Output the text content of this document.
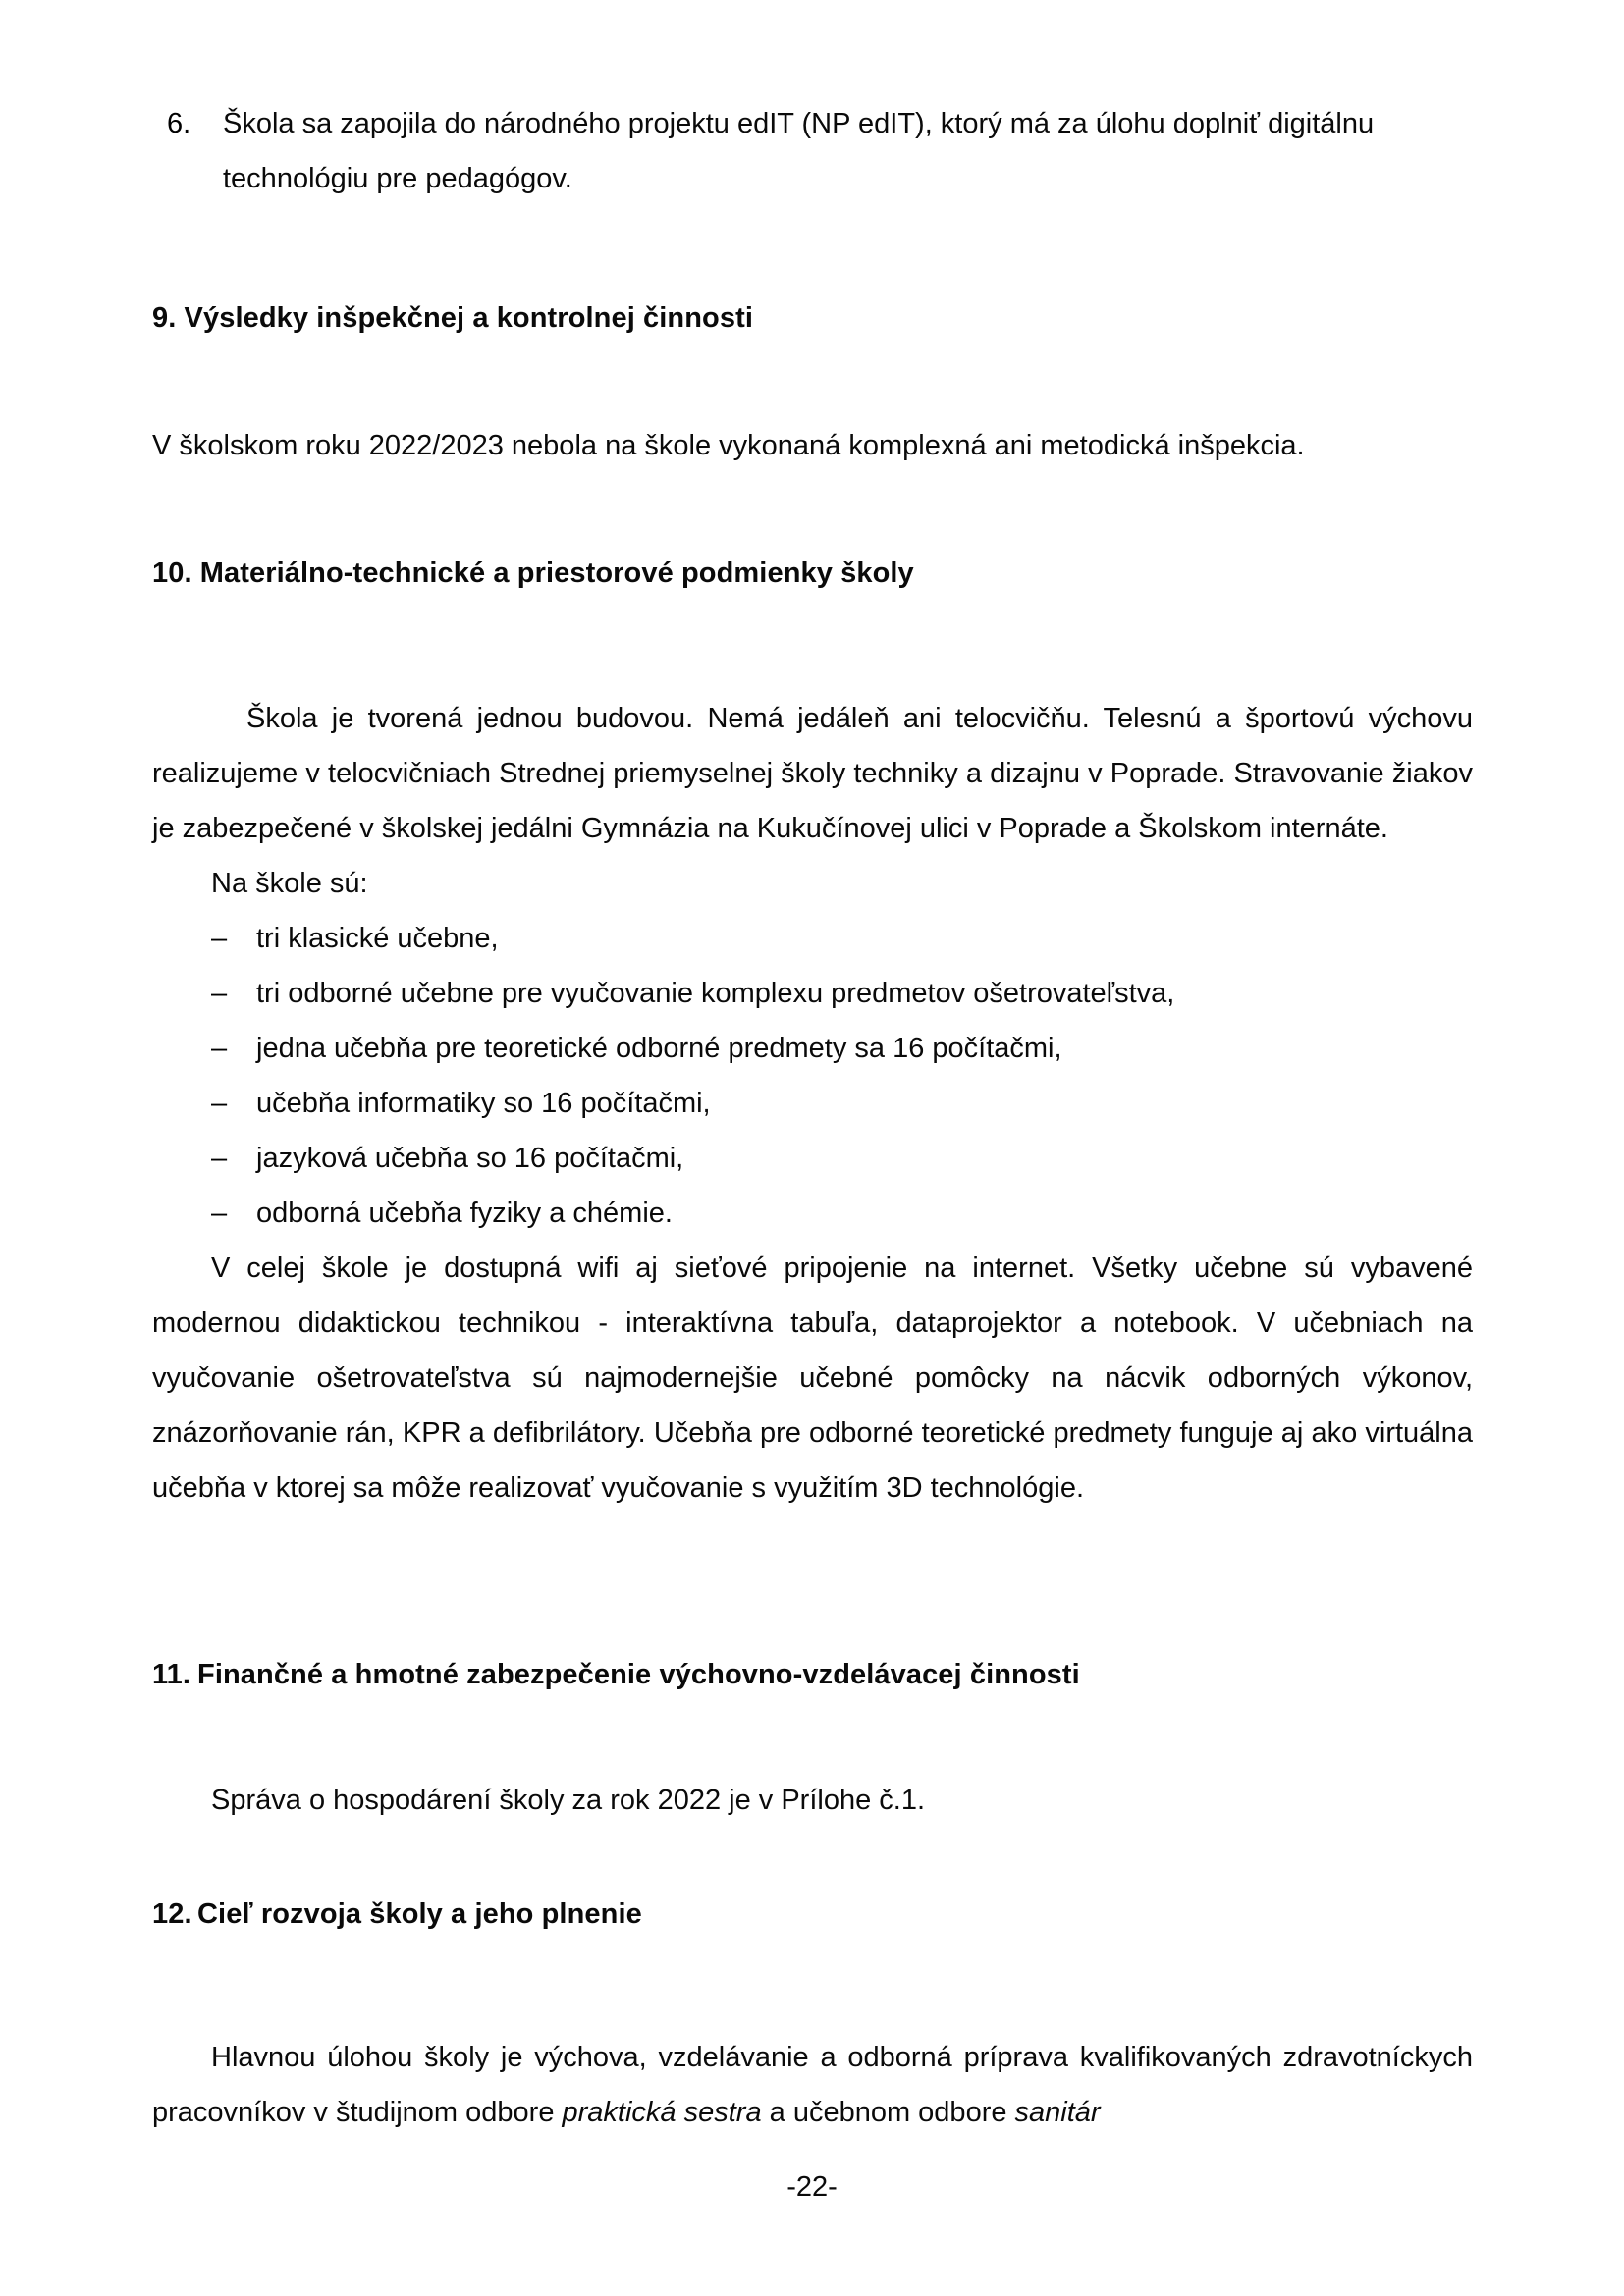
6.	Škola sa zapojila do národného projektu edIT (NP edIT), ktorý má za úlohu doplniť digitálnu technológiu pre pedagógov.
9. Výsledky inšpekčnej a kontrolnej činnosti
V školskom roku 2022/2023 nebola na škole vykonaná komplexná ani metodická inšpekcia.
10. Materiálno-technické a priestorové podmienky školy
Škola je tvorená jednou budovou. Nemá jedáleň ani telocvičňu. Telesnú a športovú výchovu realizujeme v telocvičniach Strednej priemyselnej školy techniky a dizajnu v Poprade. Stravovanie žiakov je zabezpečené v školskej jedálni Gymnázia na Kukučínovej ulici v Poprade a Školskom internáte.
Na škole sú:
–	tri klasické učebne,
–	tri odborné učebne pre vyučovanie komplexu predmetov ošetrovateľstva,
–	jedna učebňa pre teoretické odborné predmety sa 16 počítačmi,
–	učebňa informatiky so 16 počítačmi,
–	jazyková učebňa so 16 počítačmi,
–	odborná učebňa fyziky a chémie.
V celej škole je dostupná wifi aj sieťové pripojenie na internet. Všetky učebne sú vybavené modernou didaktickou technikou - interaktívna tabuľa, dataprojektor a notebook. V učebniach na vyučovanie ošetrovateľstva sú najmodernejšie učebné pomôcky na nácvik odborných výkonov, znázorňovanie rán, KPR a defibrilátory. Učebňa pre odborné teoretické predmety funguje aj ako virtuálna učebňa v ktorej sa môže realizovať vyučovanie s využitím 3D technológie.
11. Finančné a hmotné zabezpečenie výchovno-vzdelávacej činnosti
Správa o hospodárení školy za rok 2022 je v Prílohe č.1.
12. Cieľ rozvoja školy a jeho plnenie
Hlavnou úlohou školy je výchova, vzdelávanie a odborná príprava kvalifikovaných zdravotníckych pracovníkov v študijnom odbore praktická sestra a učebnom odbore sanitár
-22-
